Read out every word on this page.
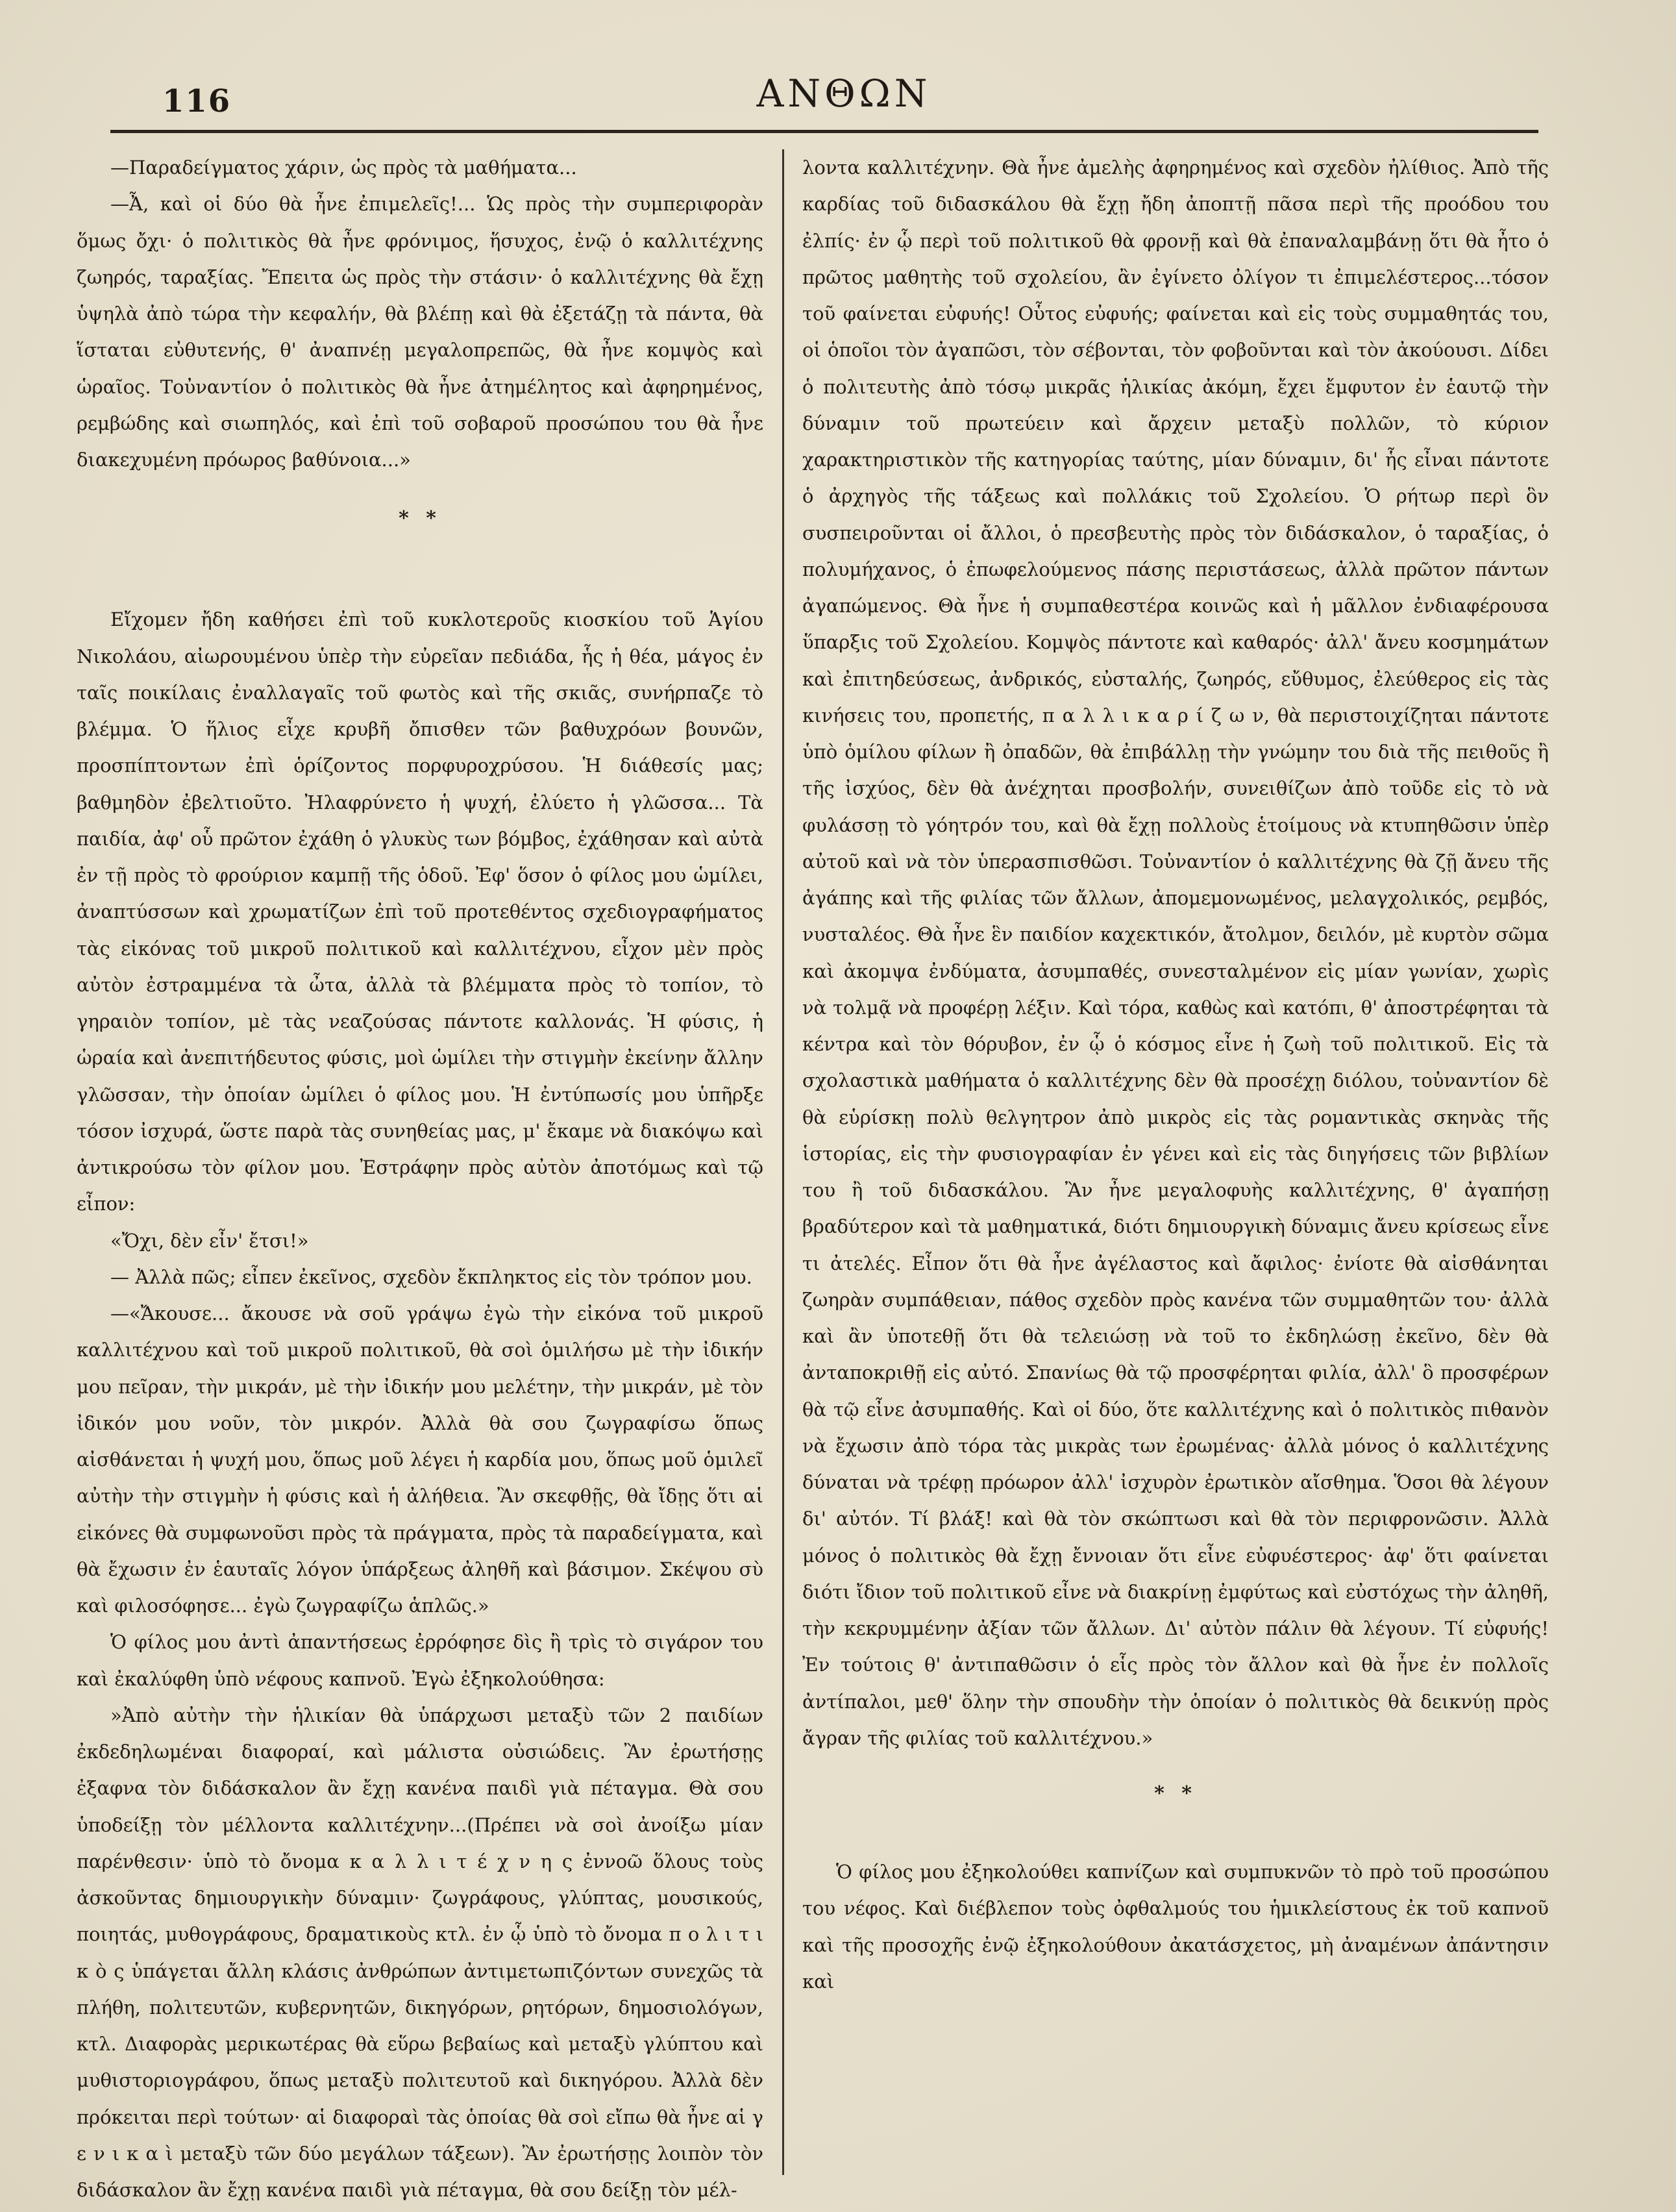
116	ΑΝΘΩΝ

—Παραδείγματος χάριν, ὡς πρὸς τὰ μαθήματα...

—Ἆ, καὶ οἱ δύο θὰ ἦνε ἐπιμελεῖς!... Ὡς πρὸς τὴν συμπεριφορὰν ὅμως ὄχι· ὁ πολιτικὸς θὰ ἦνε φρόνιμος, ἥσυχος, ἐνῷ ὁ καλλιτέχνης ζωηρός, ταραξίας. Ἔπειτα ὡς πρὸς τὴν στάσιν· ὁ καλλιτέχνης θὰ ἔχῃ ὑψηλὰ ἀπὸ τώρα τὴν κεφαλήν, θὰ βλέπῃ καὶ θὰ ἐξετάζῃ τὰ πάντα, θὰ ἵσταται εὐθυτενής, θ' ἀναπνέῃ μεγαλοπρεπῶς, θὰ ἦνε κομψὸς καὶ ὡραῖος. Τοὐναντίον ὁ πολιτικὸς θὰ ἦνε ἀτημέλητος καὶ ἀφηρημένος, ρεμβώδης καὶ σιωπηλός, καὶ ἐπὶ τοῦ σοβαροῦ προσώπου του θὰ ἦνε διακεχυμένη πρόωρος βαθύνοια...»

* *

Εἴχομεν ἤδη καθήσει ἐπὶ τοῦ κυκλοτεροῦς κιοσκίου τοῦ Ἁγίου Νικολάου, αἰωρουμένου ὑπὲρ τὴν εὐρεῖαν πεδιάδα, ἧς ἡ θέα, μάγος ἐν ταῖς ποικίλαις ἐναλλαγαῖς τοῦ φωτὸς καὶ τῆς σκιᾶς, συνήρπαζε τὸ βλέμμα. Ὁ ἥλιος εἶχε κρυβῆ ὄπισθεν τῶν βαθυχρόων βουνῶν, προσπίπτοντων ἐπὶ ὁρίζοντος πορφυροχρύσου. Ἡ διάθεσίς μας; βαθμηδὸν ἐβελτιοῦτο. Ἠλαφρύνετο ἡ ψυχή, ἐλύετο ἡ γλῶσσα... Τὰ παιδία, ἀφ' οὗ πρῶτον ἐχάθη ὁ γλυκὺς των βόμβος, ἐχάθησαν καὶ αὐτὰ ἐν τῇ πρὸς τὸ φρούριον καμπῇ τῆς ὁδοῦ. Ἐφ' ὅσον ὁ φίλος μου ὡμίλει, ἀναπτύσσων καὶ χρωματίζων ἐπὶ τοῦ προτεθέντος σχεδιογραφήματος τὰς εἰκόνας τοῦ μικροῦ πολιτικοῦ καὶ καλλιτέχνου, εἶχον μὲν πρὸς αὐτὸν ἐστραμμένα τὰ ὦτα, ἀλλὰ τὰ βλέμματα πρὸς τὸ τοπίον, τὸ γηραιὸν τοπίον, μὲ τὰς νεαζούσας πάντοτε καλλονάς. Ἡ φύσις, ἡ ὡραία καὶ ἀνεπιτήδευτος φύσις, μοὶ ὡμίλει τὴν στιγμὴν ἐκείνην ἄλλην γλῶσσαν, τὴν ὁποίαν ὡμίλει ὁ φίλος μου. Ἡ ἐντύπωσίς μου ὑπῆρξε τόσον ἰσχυρά, ὥστε παρὰ τὰς συνηθείας μας, μ' ἔκαμε νὰ διακόψω καὶ ἀντικρούσω τὸν φίλον μου. Ἐστράφην πρὸς αὐτὸν ἀποτόμως καὶ τῷ εἶπον:

«Ὄχι, δὲν εἶν' ἔτσι!»

— Ἀλλὰ πῶς; εἶπεν ἐκεῖνος, σχεδὸν ἔκπληκτος εἰς τὸν τρόπον μου.

—«Ἄκουσε... ἄκουσε νὰ σοῦ γράψω ἐγὼ τὴν εἰκόνα τοῦ μικροῦ καλλιτέχνου καὶ τοῦ μικροῦ πολιτικοῦ, θὰ σοὶ ὁμιλήσω μὲ τὴν ἰδικήν μου πεῖραν, τὴν μικράν, μὲ τὴν ἰδικήν μου μελέτην, τὴν μικράν, μὲ τὸν ἰδικόν μου νοῦν, τὸν μικρόν. Ἀλλὰ θὰ σου ζωγραφίσω ὅπως αἰσθάνεται ἡ ψυχή μου, ὅπως μοῦ λέγει ἡ καρδία μου, ὅπως μοῦ ὁμιλεῖ αὐτὴν τὴν στιγμὴν ἡ φύσις καὶ ἡ ἀλήθεια. Ἂν σκεφθῇς, θὰ ἴδῃς ὅτι αἱ εἰκόνες θὰ συμφωνοῦσι πρὸς τὰ πράγματα, πρὸς τὰ παραδείγματα, καὶ θὰ ἔχωσιν ἐν ἑαυταῖς λόγον ὑπάρξεως ἀληθῆ καὶ βάσιμον. Σκέψου σὺ καὶ φιλοσόφησε... ἐγὼ ζωγραφίζω ἁπλῶς.»

Ὁ φίλος μου ἀντὶ ἀπαντήσεως ἐρρόφησε δὶς ἢ τρὶς τὸ σιγάρον του καὶ ἐκαλύφθη ὑπὸ νέφους καπνοῦ. Ἐγὼ ἐξηκολούθησα:

»Ἀπὸ αὐτὴν τὴν ἡλικίαν θὰ ὑπάρχωσι μεταξὺ τῶν 2 παιδίων ἐκδεδηλωμέναι διαφοραί, καὶ μάλιστα οὐσιώδεις. Ἂν ἐρωτήσῃς ἐξαφνα τὸν διδάσκαλον ἂν ἔχῃ κανένα παιδὶ γιὰ πέταγμα. Θὰ σου ὑποδείξῃ τὸν μέλλοντα καλλιτέχνην...(Πρέπει νὰ σοὶ ἀνοίξω μίαν παρένθεσιν· ὑπὸ τὸ ὄνομα κ α λ λ ι τ έ χ ν η ς ἐννοῶ ὅλους τοὺς ἀσκοῦντας δημιουργικὴν δύναμιν· ζωγράφους, γλύπτας, μουσικούς, ποιητάς, μυθογράφους, δραματικοὺς κτλ. ἐν ᾧ ὑπὸ τὸ ὄνομα π ο λ ι τ ι κ ὸ ς ὑπάγεται ἄλλη κλάσις ἀνθρώπων ἀντιμετωπιζόντων συνεχῶς τὰ πλήθη, πολιτευτῶν, κυβερνητῶν, δικηγόρων, ρητόρων, δημοσιολόγων, κτλ. Διαφορὰς μερικωτέρας θὰ εὕρω βεβαίως καὶ μεταξὺ γλύπτου καὶ μυθιστοριογράφου, ὅπως μεταξὺ πολιτευτοῦ καὶ δικηγόρου. Ἀλλὰ δὲν πρόκειται περὶ τούτων· αἱ διαφοραὶ τὰς ὁποίας θὰ σοὶ εἴπω θὰ ἦνε αἱ γ ε ν ι κ α ὶ μεταξὺ τῶν δύο μεγάλων τάξεων). Ἂν ἐρωτήσῃς λοιπὸν τὸν διδάσκαλον ἂν ἔχῃ κανένα παιδὶ γιὰ πέταγμα, θὰ σου δείξῃ τὸν μέλ-

λοντα καλλιτέχνην. Θὰ ἦνε ἀμελὴς ἀφηρημένος καὶ σχεδὸν ἠλίθιος. Ἀπὸ τῆς καρδίας τοῦ διδασκάλου θὰ ἔχῃ ἤδη ἀποπτῇ πᾶσα περὶ τῆς προόδου του ἐλπίς· ἐν ᾧ περὶ τοῦ πολιτικοῦ θὰ φρονῇ καὶ θὰ ἐπαναλαμβάνῃ ὅτι θὰ ἦτο ὁ πρῶτος μαθητὴς τοῦ σχολείου, ἂν ἐγίνετο ὀλίγον τι ἐπιμελέστερος...τόσον τοῦ φαίνεται εὐφυής! Οὗτος εὐφυής; φαίνεται καὶ εἰς τοὺς συμμαθητάς του, οἱ ὁποῖοι τὸν ἀγαπῶσι, τὸν σέβονται, τὸν φοβοῦνται καὶ τὸν ἀκούουσι. Δίδει ὁ πολιτευτὴς ἀπὸ τόσῳ μικρᾶς ἡλικίας ἀκόμη, ἔχει ἔμφυτον ἐν ἑαυτῷ τὴν δύναμιν τοῦ πρωτεύειν καὶ ἄρχειν μεταξὺ πολλῶν, τὸ κύριον χαρακτηριστικὸν τῆς κατηγορίας ταύτης, μίαν δύναμιν, δι' ἧς εἶναι πάντοτε ὁ ἀρχηγὸς τῆς τάξεως καὶ πολλάκις τοῦ Σχολείου. Ὁ ρήτωρ περὶ ὃν συσπειροῦνται οἱ ἄλλοι, ὁ πρεσβευτὴς πρὸς τὸν διδάσκαλον, ὁ ταραξίας, ὁ πολυμήχανος, ὁ ἐπωφελούμενος πάσης περιστάσεως, ἀλλὰ πρῶτον πάντων ἀγαπώμενος. Θὰ ἦνε ἡ συμπαθεστέρα κοινῶς καὶ ἡ μᾶλλον ἐνδιαφέρουσα ὕπαρξις τοῦ Σχολείου. Κομψὸς πάντοτε καὶ καθαρός· ἀλλ' ἄνευ κοσμημάτων καὶ ἐπιτηδεύσεως, ἀνδρικός, εὐσταλής, ζωηρός, εὔθυμος, ἐλεύθερος εἰς τὰς κινήσεις του, προπετής, π α λ λ ι κ α ρ ί ζ ω ν, θὰ περιστοιχίζηται πάντοτε ὑπὸ ὁμίλου φίλων ἢ ὀπαδῶν, θὰ ἐπιβάλλῃ τὴν γνώμην του διὰ τῆς πειθοῦς ἢ τῆς ἰσχύος, δὲν θὰ ἀνέχηται προσβολήν, συνειθίζων ἀπὸ τοῦδε εἰς τὸ νὰ φυλάσσῃ τὸ γόητρόν του, καὶ θὰ ἔχῃ πολλοὺς ἑτοίμους νὰ κτυπηθῶσιν ὑπὲρ αὐτοῦ καὶ νὰ τὸν ὑπερασπισθῶσι. Τοὐναντίον ὁ καλλιτέχνης θὰ ζῇ ἄνευ τῆς ἀγάπης καὶ τῆς φιλίας τῶν ἄλλων, ἀπομεμονωμένος, μελαγχολικός, ρεμβός, νυσταλέος. Θὰ ἦνε ἓν παιδίον καχεκτικόν, ἄτολμον, δειλόν, μὲ κυρτὸν σῶμα καὶ ἀκομψα ἐνδύματα, ἀσυμπαθές, συνεσταλμένον εἰς μίαν γωνίαν, χωρὶς νὰ τολμᾷ νὰ προφέρῃ λέξιν. Καὶ τόρα, καθὼς καὶ κατόπι, θ' ἀποστρέφηται τὰ κέντρα καὶ τὸν θόρυβον, ἐν ᾧ ὁ κόσμος εἶνε ἡ ζωὴ τοῦ πολιτικοῦ. Εἰς τὰ σχολαστικὰ μαθήματα ὁ καλλιτέχνης δὲν θὰ προσέχῃ διόλου, τοὐναντίον δὲ θὰ εὑρίσκῃ πολὺ θελγητρον ἀπὸ μικρὸς εἰς τὰς ρομαντικὰς σκηνὰς τῆς ἱστορίας, εἰς τὴν φυσιογραφίαν ἐν γένει καὶ εἰς τὰς διηγήσεις τῶν βιβλίων του ἢ τοῦ διδασκάλου. Ἂν ἦνε μεγαλοφυὴς καλλιτέχνης, θ' ἀγαπήσῃ βραδύτερον καὶ τὰ μαθηματικά, διότι δημιουργικὴ δύναμις ἄνευ κρίσεως εἶνε τι ἀτελές. Εἶπον ὅτι θὰ ἦνε ἀγέλαστος καὶ ἄφιλος· ἐνίοτε θὰ αἰσθάνηται ζωηρὰν συμπάθειαν, πάθος σχεδὸν πρὸς κανένα τῶν συμμαθητῶν του· ἀλλὰ καὶ ἂν ὑποτεθῇ ὅτι θὰ τελειώσῃ νὰ τοῦ το ἐκδηλώσῃ ἐκεῖνο, δὲν θὰ ἀνταποκριθῇ εἰς αὐτό. Σπανίως θὰ τῷ προσφέρηται φιλία, ἀλλ' ὃ προσφέρων θὰ τῷ εἶνε ἀσυμπαθής. Καὶ οἱ δύο, ὅτε καλλιτέχνης καὶ ὁ πολιτικὸς πιθανὸν νὰ ἔχωσιν ἀπὸ τόρα τὰς μικρὰς των ἐρωμένας· ἀλλὰ μόνος ὁ καλλιτέχνης δύναται νὰ τρέφῃ πρόωρον ἀλλ' ἰσχυρὸν ἐρωτικὸν αἴσθημα. Ὅσοι θὰ λέγουν δι' αὐτόν. Τί βλάξ! καὶ θὰ τὸν σκώπτωσι καὶ θὰ τὸν περιφρονῶσιν. Ἀλλὰ μόνος ὁ πολιτικὸς θὰ ἔχῃ ἔννοιαν ὅτι εἶνε εὐφυέστερος· ἀφ' ὅτι φαίνεται διότι ἴδιον τοῦ πολιτικοῦ εἶνε νὰ διακρίνῃ ἐμφύτως καὶ εὐστόχως τὴν ἀληθῆ, τὴν κεκρυμμένην ἀξίαν τῶν ἄλλων. Δι' αὐτὸν πάλιν θὰ λέγουν. Τί εὐφυής! Ἐν τούτοις θ' ἀντιπαθῶσιν ὁ εἷς πρὸς τὸν ἄλλον καὶ θὰ ἦνε ἐν πολλοῖς ἀντίπαλοι, μεθ' ὅλην τὴν σπουδὴν τὴν ὁποίαν ὁ πολιτικὸς θὰ δεικνύῃ πρὸς ἄγραν τῆς φιλίας τοῦ καλλιτέχνου.»

* *

Ὁ φίλος μου ἐξηκολούθει καπνίζων καὶ συμπυκνῶν τὸ πρὸ τοῦ προσώπου του νέφος. Καὶ διέβλεπον τοὺς ὀφθαλμούς του ἡμικλείστους ἐκ τοῦ καπνοῦ καὶ τῆς προσοχῆς ἐνῷ ἐξηκολούθουν ἀκατάσχετος, μὴ ἀναμένων ἀπάντησιν καὶ
